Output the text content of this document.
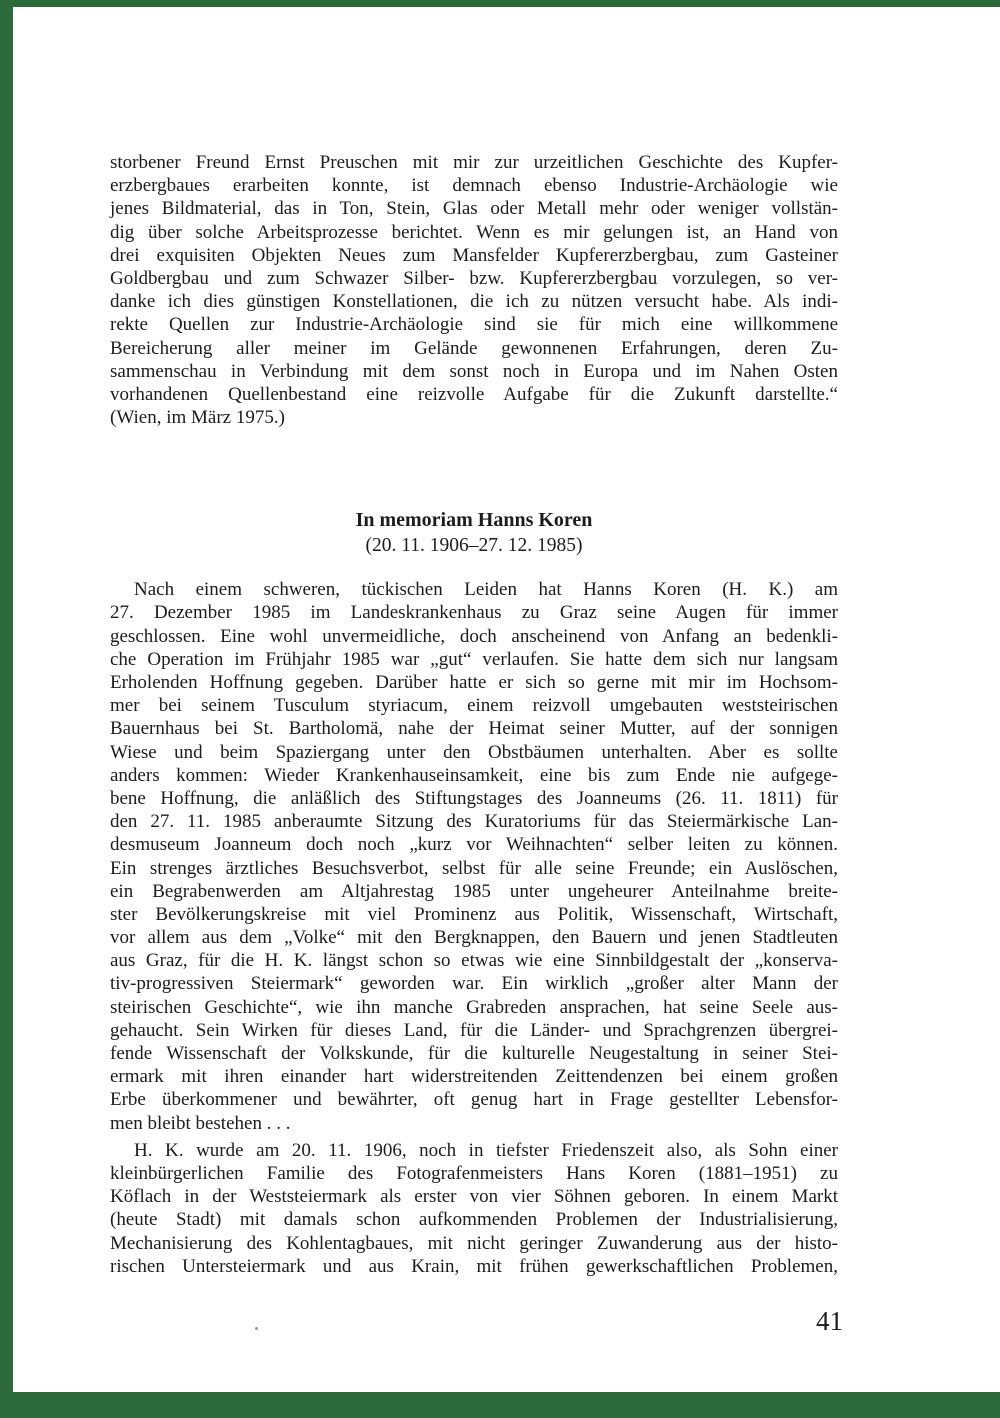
storbener Freund Ernst Preuschen mit mir zur urzeitlichen Geschichte des Kupfer-
erzbergbaues erarbeiten konnte, ist demnach ebenso Industrie-Archäologie wie
jenes Bildmaterial, das in Ton, Stein, Glas oder Metall mehr oder weniger vollstän-
dig über solche Arbeitsprozesse berichtet. Wenn es mir gelungen ist, an Hand von
drei exquisiten Objekten Neues zum Mansfelder Kupfererzbergbau, zum Gasteiner
Goldbergbau und zum Schwazer Silber- bzw. Kupfererzbergbau vorzulegen, so ver-
danke ich dies günstigen Konstellationen, die ich zu nützen versucht habe. Als indi-
rekte Quellen zur Industrie-Archäologie sind sie für mich eine willkommene
Bereicherung aller meiner im Gelände gewonnenen Erfahrungen, deren Zu-
sammenschau in Verbindung mit dem sonst noch in Europa und im Nahen Osten
vorhandenen Quellenbestand eine reizvolle Aufgabe für die Zukunft darstellte.“
(Wien, im März 1975.)
In memoriam Hanns Koren
(20. 11. 1906–27. 12. 1985)
Nach einem schweren, tückischen Leiden hat Hanns Koren (H. K.) am
27. Dezember 1985 im Landeskrankenhaus zu Graz seine Augen für immer
geschlossen. Eine wohl unvermeidliche, doch anscheinend von Anfang an bedenkli-
che Operation im Frühjahr 1985 war „gut“ verlaufen. Sie hatte dem sich nur langsam
Erholenden Hoffnung gegeben. Darüber hatte er sich so gerne mit mir im Hochsom-
mer bei seinem Tusculum styriacum, einem reizvoll umgebauten weststeirischen
Bauernhaus bei St. Bartholomä, nahe der Heimat seiner Mutter, auf der sonnigen
Wiese und beim Spaziergang unter den Obstbäumen unterhalten. Aber es sollte
anders kommen: Wieder Krankenhauseinsamkeit, eine bis zum Ende nie aufgege-
bene Hoffnung, die anläßlich des Stiftungstages des Joanneums (26. 11. 1811) für
den 27. 11. 1985 anberaumte Sitzung des Kuratoriums für das Steiermärkische Lan-
desmuseum Joanneum doch noch „kurz vor Weihnachten“ selber leiten zu können.
Ein strenges ärztliches Besuchsverbot, selbst für alle seine Freunde; ein Auslöschen,
ein Begrabenwerden am Altjahrestag 1985 unter ungeheurer Anteilnahme breite-
ster Bevölkerungskreise mit viel Prominenz aus Politik, Wissenschaft, Wirtschaft,
vor allem aus dem „Volke“ mit den Bergknappen, den Bauern und jenen Stadtleuten
aus Graz, für die H. K. längst schon so etwas wie eine Sinnbildgestalt der „konserva-
tiv-progressiven Steiermark“ geworden war. Ein wirklich „großer alter Mann der
steirischen Geschichte“, wie ihn manche Grabreden ansprachen, hat seine Seele aus-
gehaucht. Sein Wirken für dieses Land, für die Länder- und Sprachgrenzen übergrei-
fende Wissenschaft der Volkskunde, für die kulturelle Neugestaltung in seiner Stei-
ermark mit ihren einander hart widerstreitenden Zeittendenzen bei einem großen
Erbe überkommener und bewährter, oft genug hart in Frage gestellter Lebensfor-
men bleibt bestehen . . .
H. K. wurde am 20. 11. 1906, noch in tiefster Friedenszeit also, als Sohn einer
kleinbürgerlichen Familie des Fotografenmeisters Hans Koren (1881–1951) zu
Köflach in der Weststeiermark als erster von vier Söhnen geboren. In einem Markt
(heute Stadt) mit damals schon aufkommenden Problemen der Industrialisierung,
Mechanisierung des Kohlentagbaues, mit nicht geringer Zuwanderung aus der histo-
rischen Untersteiermark und aus Krain, mit frühen gewerkschaftlichen Problemen,
41
